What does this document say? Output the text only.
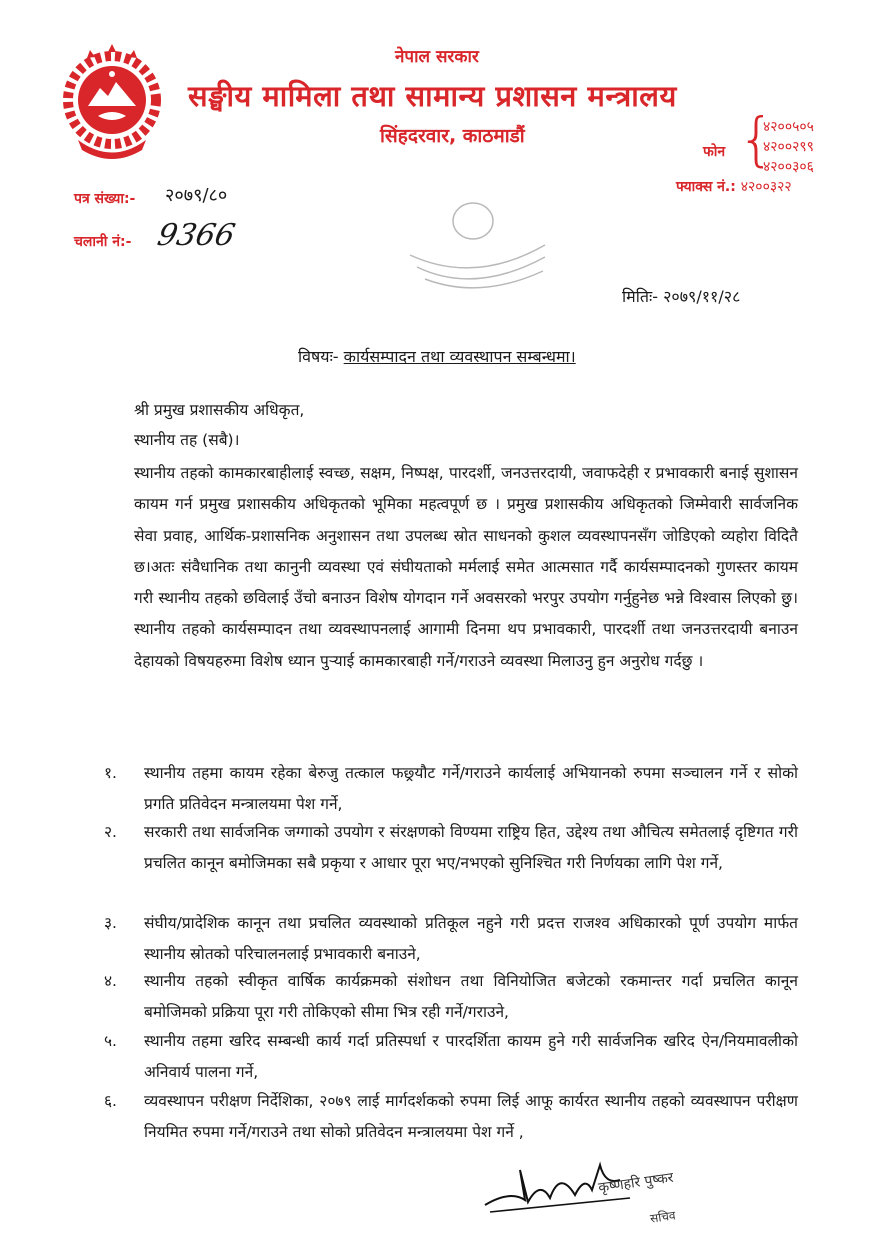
नेपाल सरकार
सङ्घीय मामिला तथा सामान्य प्रशासन मन्त्रालय
सिंहदरवार, काठमाडौं
फोन {
४२००५०५
४२००२९९
४२००३०६
फ्याक्स नं.: ४२००३२२
पत्र संख्या:- २०७९/८०
चलानी नं:- 9366
मितिः- २०७९/११/२८
विषयः- कार्यसम्पादन तथा व्यवस्थापन सम्बन्धमा।
श्री प्रमुख प्रशासकीय अधिकृत,
स्थानीय तह (सबै)।
स्थानीय तहको कामकारबाहीलाई स्वच्छ, सक्षम, निष्पक्ष, पारदर्शी, जनउत्तरदायी, जवाफदेही र प्रभावकारी बनाई सुशासन कायम गर्न प्रमुख प्रशासकीय अधिकृतको भूमिका महत्वपूर्ण छ । प्रमुख प्रशासकीय अधिकृतको जिम्मेवारी सार्वजनिक सेवा प्रवाह, आर्थिक-प्रशासनिक अनुशासन तथा उपलब्ध स्रोत साधनको कुशल व्यवस्थापनसँग जोडिएको व्यहोरा विदितै छ।अतः संवैधानिक तथा कानुनी व्यवस्था एवं संघीयताको मर्मलाई समेत आत्मसात गर्दै कार्यसम्पादनको गुणस्तर कायम गरी स्थानीय तहको छविलाई उँचो बनाउन विशेष योगदान गर्ने अवसरको भरपुर उपयोग गर्नुहुनेछ भन्ने विश्वास लिएको छु।स्थानीय तहको कार्यसम्पादन तथा व्यवस्थापनलाई आगामी दिनमा थप प्रभावकारी, पारदर्शी तथा जनउत्तरदायी बनाउन देहायको विषयहरुमा विशेष ध्यान पुऱ्याई कामकारबाही गर्ने/गराउने व्यवस्था मिलाउनु हुन अनुरोध गर्दछु ।
१.	स्थानीय तहमा कायम रहेका बेरुजु तत्काल फछ्र्यौट गर्ने/गराउने कार्यलाई अभियानको रुपमा सञ्चालन गर्ने र सोको प्रगति प्रतिवेदन मन्त्रालयमा पेश गर्ने,
२.	सरकारी तथा सार्वजनिक जग्गाको उपयोग र संरक्षणको विण्यमा राष्ट्रिय हित, उद्देश्य तथा औचित्य समेतलाई दृष्टिगत गरी प्रचलित कानून बमोजिमका सबै प्रकृया र आधार पूरा भए/नभएको सुनिश्चित गरी निर्णयका लागि पेश गर्ने,
३.	संघीय/प्रादेशिक कानून तथा प्रचलित व्यवस्थाको प्रतिकूल नहुने गरी प्रदत्त राजश्व अधिकारको पूर्ण उपयोग मार्फत स्थानीय स्रोतको परिचालनलाई प्रभावकारी बनाउने,
४.	स्थानीय तहको स्वीकृत वार्षिक कार्यक्रमको संशोधन तथा विनियोजित बजेटको रकमान्तर गर्दा प्रचलित कानून बमोजिमको प्रक्रिया पूरा गरी तोकिएको सीमा भित्र रही गर्ने/गराउने,
५.	स्थानीय तहमा खरिद सम्बन्धी कार्य गर्दा प्रतिस्पर्धा र पारदर्शिता कायम हुने गरी सार्वजनिक खरिद ऐन/नियमावलीको अनिवार्य पालना गर्ने,
६.	व्यवस्थापन परीक्षण निर्देशिका, २०७९ लाई मार्गदर्शकको रुपमा लिई आफू कार्यरत स्थानीय तहको व्यवस्थापन परीक्षण नियमित रुपमा गर्ने/गराउने तथा सोको प्रतिवेदन मन्त्रालयमा पेश गर्ने ,
कृष्णहरि पुष्कर
सचिव
